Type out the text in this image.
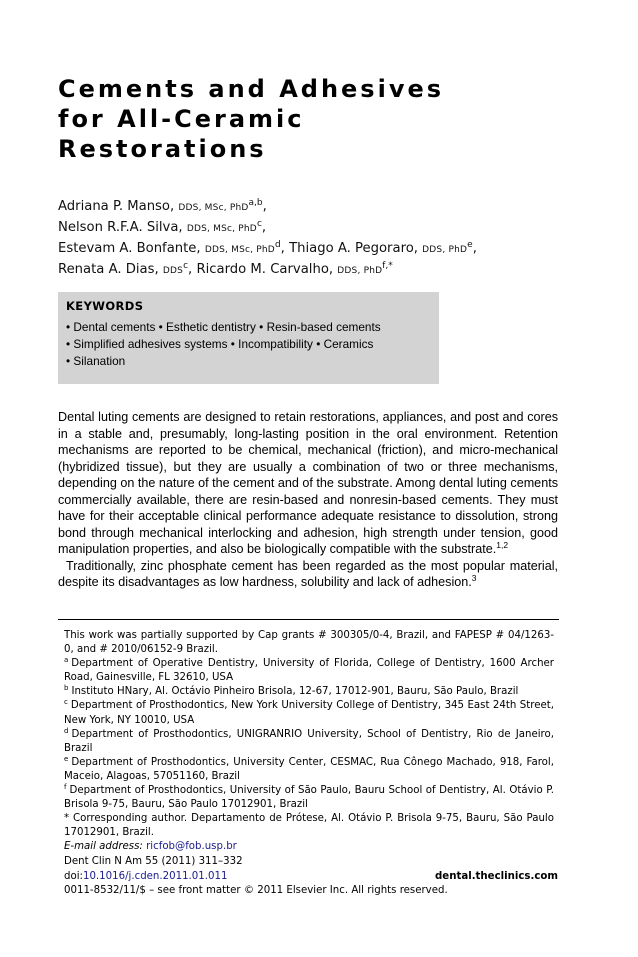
Cements and Adhesives
for All-Ceramic
Restorations
Adriana P. Manso, DDS, MSc, PhD$^{a,b}$,
Nelson R.F.A. Silva, DDS, MSc, PhD$^c$,
Estevam A. Bonfante, DDS, MSc, PhD$^d$, Thiago A. Pegoraro, DDS, PhD$^e$,
Renata A. Dias, DDS$^c$, Ricardo M. Carvalho, DDS, PhD$^{f,*}$
KEYWORDS
• Dental cements • Esthetic dentistry • Resin-based cements
• Simplified adhesives systems • Incompatibility • Ceramics
• Silanation

Dental luting cements are designed to retain restorations, appliances, and post and cores in a stable and, presumably, long-lasting position in the oral environment. Retention mechanisms are reported to be chemical, mechanical (friction), and micro-mechanical (hybridized tissue), but they are usually a combination of two or three mechanisms, depending on the nature of the cement and of the substrate. Among dental luting cements commercially available, there are resin-based and nonresin-based cements. They must have for their acceptable clinical performance adequate resistance to dissolution, strong bond through mechanical interlocking and adhesion, high strength under tension, good manipulation properties, and also be biologically compatible with the substrate.$^{1,2}$

Traditionally, zinc phosphate cement has been regarded as the most popular material, despite its disadvantages as low hardness, solubility and lack of adhesion.$^3$

This work was partially supported by Cap grants # 300305/0-4, Brazil, and FAPESP # 04/1263-0, and # 2010/06152-9 Brazil.

$^a$ Department of Operative Dentistry, University of Florida, College of Dentistry, 1600 Archer Road, Gainesville, FL 32610, USA

$^b$ Instituto HNary, Al. Octávio Pinheiro Brisola, 12-67, 17012-901, Bauru, São Paulo, Brazil

$^c$ Department of Prosthodontics, New York University College of Dentistry, 345 East 24th Street, New York, NY 10010, USA

$^d$ Department of Prosthodontics, UNIGRANRIO University, School of Dentistry, Rio de Janeiro, Brazil

$^e$ Department of Prosthodontics, University Center, CESMAC, Rua Cônego Machado, 918, Farol, Maceio, Alagoas, 57051160, Brazil

$^f$ Department of Prosthodontics, University of São Paulo, Bauru School of Dentistry, Al. Otávio P. Brisola 9-75, Bauru, São Paulo 17012901, Brazil

* Corresponding author. Departamento de Prótese, Al. Otávio P. Brisola 9-75, Bauru, São Paulo 17012901, Brazil.

E-mail address: ricfob@fob.usp.br

Dent Clin N Am 55 (2011) 311–332
doi:10.1016/j.cden.2011.01.011
0011-8532/11/$ – see front matter © 2011 Elsevier Inc. All rights reserved.
dental.theclinics.com
